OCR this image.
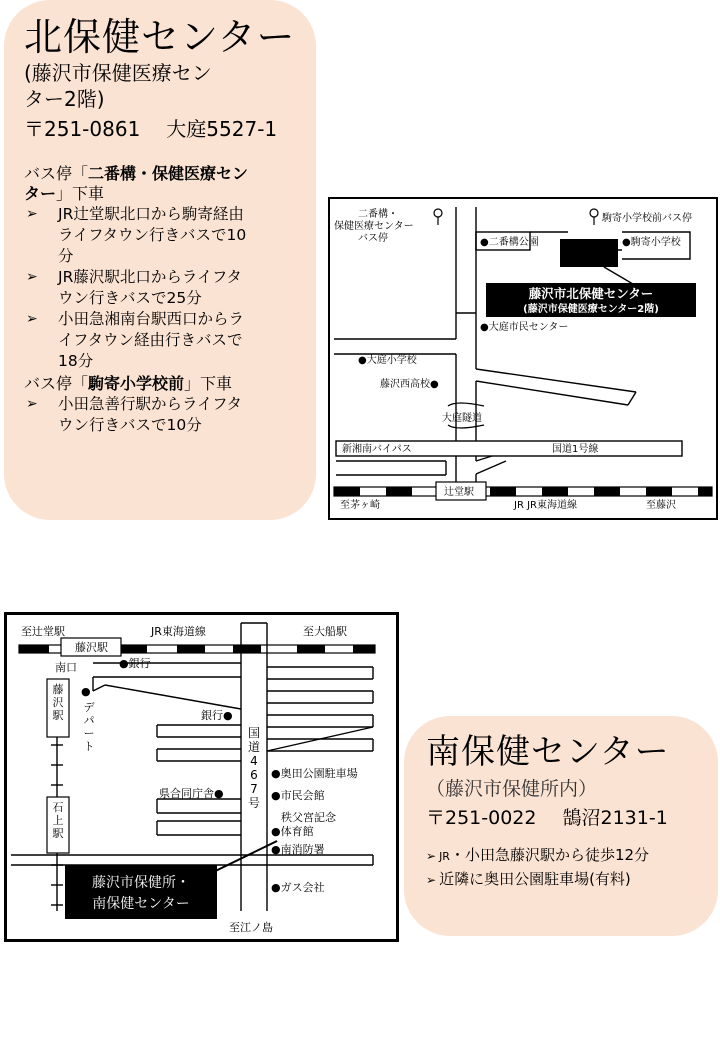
北保健センター
(藤沢市保健医療セン
ター2階)
〒251-0861 大庭5527-1
バス停「二番構・保健医療セン
ター」下車
➢ JR辻堂駅北口から駒寄経由
ライフタウン行きバスで10
分
➢ JR藤沢駅北口からライフタ
ウン行きバスで25分
➢ 小田急湘南台駅西口からラ
イフタウン経由行きバスで
18分
バス停「駒寄小学校前」下車
➢ 小田急善行駅からライフタ
ウン行きバスで10分
二番構・
保健医療センター
バス停
駒寄小学校前バス停
●二番構公園	●駒寄小学校
●大庭市民センター
●大庭小学校
藤沢西高校●
大庭隧道
新湘南バイパス	国道1号線
辻堂駅
至茅ヶ崎	JR JR東海道線	至藤沢
藤沢市北保健センター
(藤沢市保健医療センター2階)
至辻堂駅	JR東海道線	至大船駅
藤沢駅
南口	●銀行
●
銀行●
●奥田公園駐車場
県合同庁舎●	●市民会館
秩父宮記念
●体育館
●南消防署
●ガス会社
至江ノ島
藤沢駅
石上駅
デパート
国道 4 6 7 号
藤沢市保健所・
南保健センター
南保健センター
（藤沢市保健所内）
〒251-0022 鵠沼2131-1
➢ JR・小田急藤沢駅から徒歩12分
➢ 近隣に奥田公園駐車場(有料)
